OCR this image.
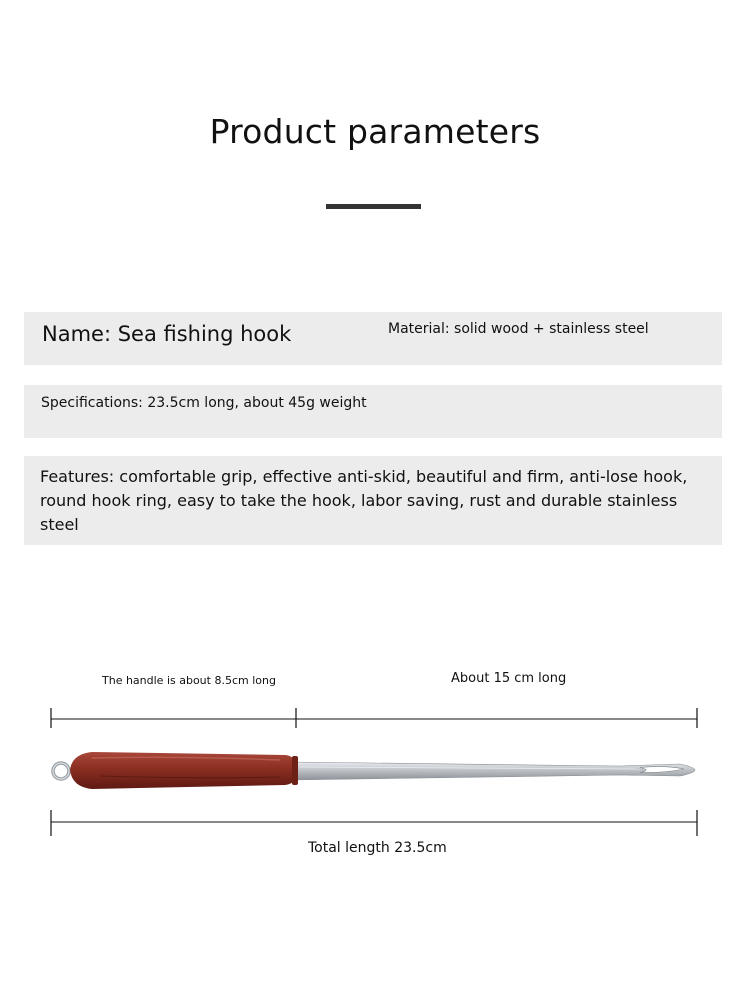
Product parameters
Name: Sea fishing hook	Material: solid wood + stainless steel
Specifications: 23.5cm long, about 45g weight
Features: comfortable grip, effective anti-skid, beautiful and firm, anti-lose hook, round hook ring, easy to take the hook, labor saving, rust and durable stainless steel
The handle is about 8.5cm long	About 15 cm long
Total length 23.5cm
